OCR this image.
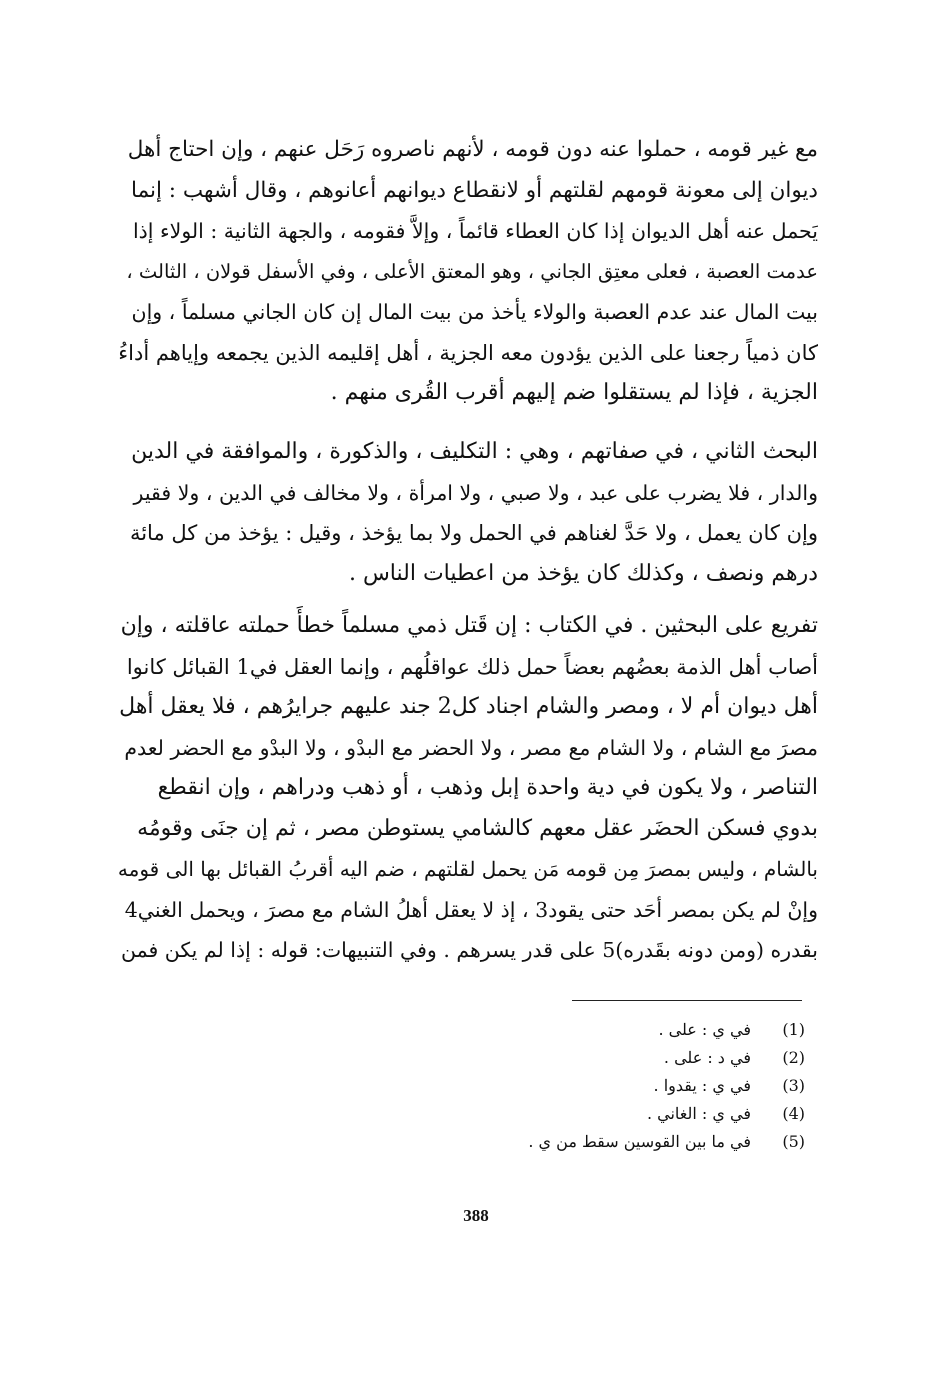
مع غير قومه ، حملوا عنه دون قومه ، لأنهم ناصروه رَحَل عنهم ، وإن احتاج أهل
ديوان إلى معونة قومهم لقلتهم أو لانقطاع ديوانهم أعانوهم ، وقال أشهب : إنما
يَحمل عنه أهل الديوان إذا كان العطاء قائماً ، وإلاَّ فقومه ، والجهة الثانية : الولاء إذا
عدمت العصبة ، فعلى معتِق الجاني ، وهو المعتق الأعلى ، وفي الأسفل قولان ، الثالث ،
بيت المال عند عدم العصبة والولاء يأخذ من بيت المال إن كان الجاني مسلماً ، وإن
كان ذمياً رجعنا على الذين يؤدون معه الجزية ، أهل إقليمه الذين يجمعه وإياهم أداءُ
الجزية ، فإذا لم يستقلوا ضم إليهم أقرب القُرى منهم .
البحث الثاني ، في صفاتهم ، وهي : التكليف ، والذكورة ، والموافقة في الدين
والدار ، فلا يضرب على عبد ، ولا صبي ، ولا امرأة ، ولا مخالف في الدين ، ولا فقير
وإن كان يعمل ، ولا حَدَّ لغناهم في الحمل ولا بما يؤخذ ، وقيل : يؤخذ من كل مائة
درهم ونصف ، وكذلك كان يؤخذ من اعطيات الناس .
تفريع على البحثين . في الكتاب : إن قَتل ذمي مسلماً خطأً حملته عاقلته ، وإن
أصاب أهل الذمة بعضُهم بعضاً حمل ذلك عواقلُهم ، وإنما العقل في1 القبائل كانوا
أهل ديوان أم لا ، ومصر والشام اجناد كل2 جند عليهم جرايرُهم ، فلا يعقل أهل
مصرَ مع الشام ، ولا الشام مع مصر ، ولا الحضر مع البدْو ، ولا البدْو مع الحضر لعدم
التناصر ، ولا يكون في دية واحدة إبل وذهب ، أو ذهب ودراهم ، وإن انقطع
بدوي فسكن الحضَر عقل معهم كالشامي يستوطن مصر ، ثم إن جنَى وقومُه
بالشام ، وليس بمصرَ مِن قومه مَن يحمل لقلتهم ، ضم اليه أقربُ القبائل بها الى قومه
وإنْ لم يكن بمصر أحَد حتى يقود3 ، إذ لا يعقل أهلُ الشام مع مصرَ ، ويحمل الغني4
بقدره (ومن دونه بقَدره)5 على قدر يسرهم . وفي التنبيهات: قوله : إذا لم يكن فمن
(1)
في ي : على .
(2)
في د : على .
(3)
في ي : يقدوا .
(4)
في ي : الغاني .
(5)
في ما بين القوسين سقط من ي .
388
